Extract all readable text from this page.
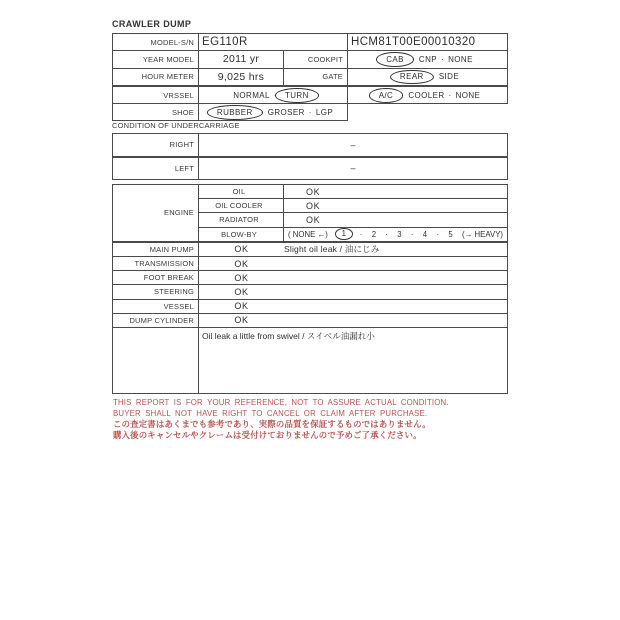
CRAWLER DUMP
MODEL-S/N	EG110R		HCM81T00E00010320
YEAR MODEL	2011 yr	COOKPIT	CAB · CNP · NONE
HOUR METER	9,025 hrs	GATE	REAR · SIDE
VRSSEL	NORMAL · TURN		A/C · COOLER · NONE
SHOE	RUBBER · GROSER · LGP		
CONDITION OF UNDERCARRIAGE
RIGHT	–
LEFT	–
ENGINE	OIL	OK
	OIL COOLER	OK
	RADIATOR	OK
BLOW-BY	( NONE ←)	1	· 2 · 3 · 4 · 5 (→ HEAVY)

MAIN PUMP	OK Slight oil leak / 油にじみ	
TRANSMISSION	OK	
FOOT BREAK	OK	
STEERING	OK	
VESSEL	OK	
DUMP CYLINDER	OK	
	Oil leak a little from swivel / スイベル油漏れ小	
THIS REPORT IS FOR YOUR REFERENCE, NOT TO ASSURE ACTUAL CONDITION.
BUYER SHALL NOT HAVE RIGHT TO CANCEL OR CLAIM AFTER PURCHASE.
この査定書はあくまでも参考であり、実際の品質を保証するものではありません。
購入後のキャンセルやクレームは受付けておりませんので予めご了承ください。
